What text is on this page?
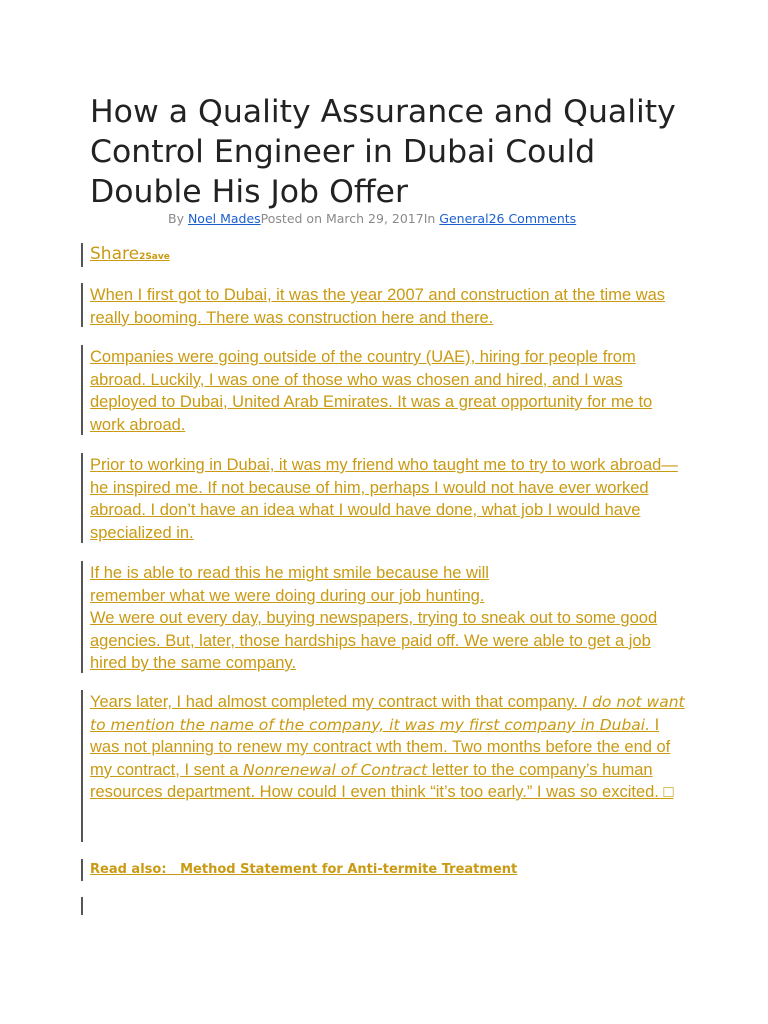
How a Quality Assurance and Quality Control Engineer in Dubai Could Double His Job Offer
By Noel MadesPosted on March 29, 2017In General26 Comments
Share2Save

When I first got to Dubai, it was the year 2007 and construction at the time was really booming. There was construction here and there.

Companies were going outside of the country (UAE), hiring for people from abroad. Luckily, I was one of those who was chosen and hired, and I was deployed to Dubai, United Arab Emirates. It was a great opportunity for me to work abroad.

Prior to working in Dubai, it was my friend who taught me to try to work abroad—he inspired me. If not because of him, perhaps I would not have ever worked abroad. I don’t have an idea what I would have done, what job I would have specialized in.

If he is able to read this he might smile because he will remember what we were doing during our job hunting.
We were out every day, buying newspapers, trying to sneak out to some good agencies. But, later, those hardships have paid off. We were able to get a job hired by the same company.

Years later, I had almost completed my contract with that company. I do not want to mention the name of the company, it was my first company in Dubai. I was not planning to renew my contract wth them. Two months before the end of my contract, I sent a Nonrenewal of Contract letter to the company’s human resources department. How could I even think “it’s too early.” I was so excited. □

Read also: Method Statement for Anti-termite Treatment
